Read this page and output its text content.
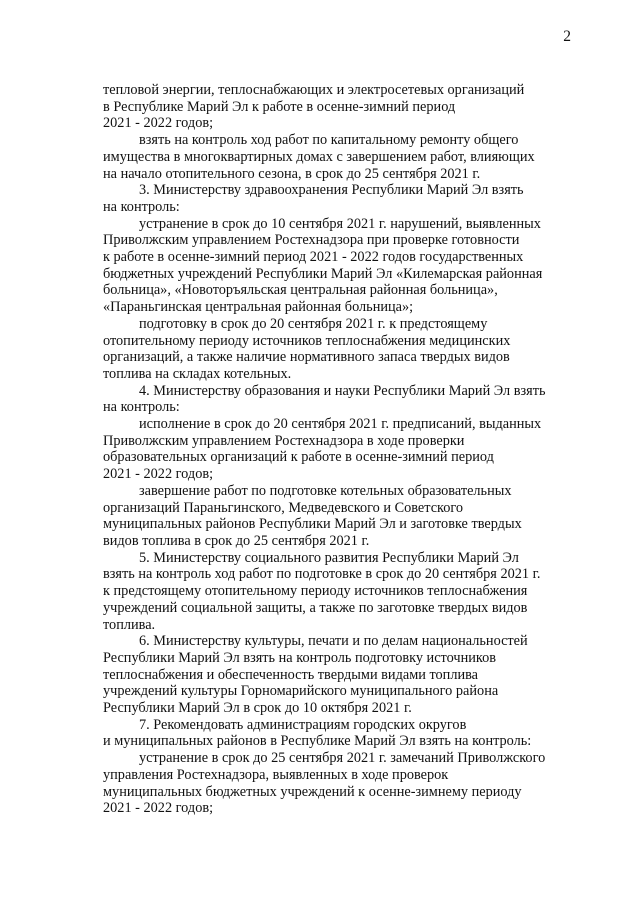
2

тепловой энергии, теплоснабжающих и электросетевых организаций
в Республике Марий Эл к работе в осенне-зимний период
2021 - 2022 годов;

взять на контроль ход работ по капитальному ремонту общего
имущества в многоквартирных домах с завершением работ, влияющих
на начало отопительного сезона, в срок до 25 сентября 2021 г.

3. Министерству здравоохранения Республики Марий Эл взять
на контроль:

устранение в срок до 10 сентября 2021 г. нарушений, выявленных
Приволжским управлением Ростехнадзора при проверке готовности
к работе в осенне-зимний период 2021 - 2022 годов государственных
бюджетных учреждений Республики Марий Эл «Килемарская районная
больница», «Новоторъяльская центральная районная больница»,
«Параньгинская центральная районная больница»;

подготовку в срок до 20 сентября 2021 г. к предстоящему
отопительному периоду источников теплоснабжения медицинских
организаций, а также наличие нормативного запаса твердых видов
топлива на складах котельных.

4. Министерству образования и науки Республики Марий Эл взять
на контроль:

исполнение в срок до 20 сентября 2021 г. предписаний, выданных
Приволжским управлением Ростехнадзора в ходе проверки
образовательных организаций к работе в осенне-зимний период
2021 - 2022 годов;

завершение работ по подготовке котельных образовательных
организаций Параньгинского, Медведевского и Советского
муниципальных районов Республики Марий Эл и заготовке твердых
видов топлива в срок до 25 сентября 2021 г.

5. Министерству социального развития Республики Марий Эл
взять на контроль ход работ по подготовке в срок до 20 сентября 2021 г.
к предстоящему отопительному периоду источников теплоснабжения
учреждений социальной защиты, а также по заготовке твердых видов
топлива.

6. Министерству культуры, печати и по делам национальностей
Республики Марий Эл взять на контроль подготовку источников
теплоснабжения и обеспеченность твердыми видами топлива
учреждений культуры Горномарийского муниципального района
Республики Марий Эл в срок до 10 октября 2021 г.

7. Рекомендовать администрациям городских округов
и муниципальных районов в Республике Марий Эл взять на контроль:

устранение в срок до 25 сентября 2021 г. замечаний Приволжского
управления Ростехнадзора, выявленных в ходе проверок
муниципальных бюджетных учреждений к осенне-зимнему периоду
2021 - 2022 годов;
